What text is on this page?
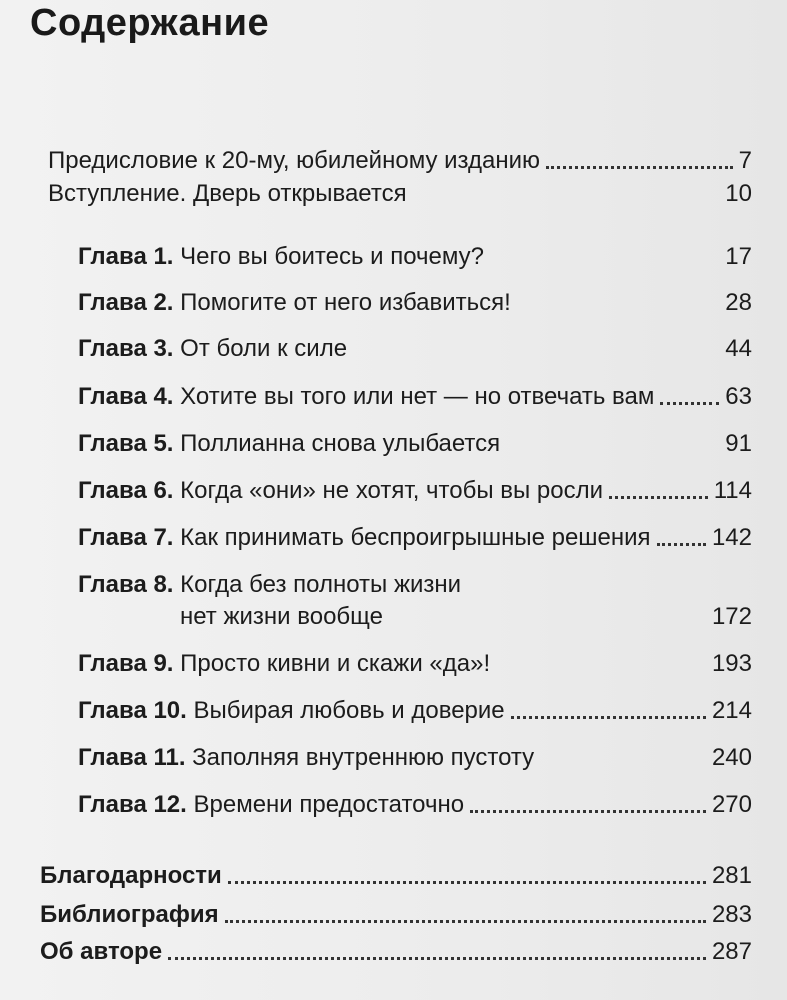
Содержание
Предисловие к 20-му, юбилейному изданию	7
Вступление. Дверь открывается	10
Глава 1. Чего вы боитесь и почему?	17
Глава 2. Помогите от него избавиться!	28
Глава 3. От боли к силе	44
Глава 4. Хотите вы того или нет — но отвечать вам	63
Глава 5. Поллианна снова улыбается	91
Глава 6. Когда «они» не хотят, чтобы вы росли	114
Глава 7. Как принимать беспроигрышные решения	142
Глава 8. Когда без полноты жизни
нет жизни вообще	172
Глава 9. Просто кивни и скажи «да»!	193
Глава 10. Выбирая любовь и доверие	214
Глава 11. Заполняя внутреннюю пустоту	240
Глава 12. Времени предостаточно	270
Благодарности	281
Библиография	283
Об авторе	287
